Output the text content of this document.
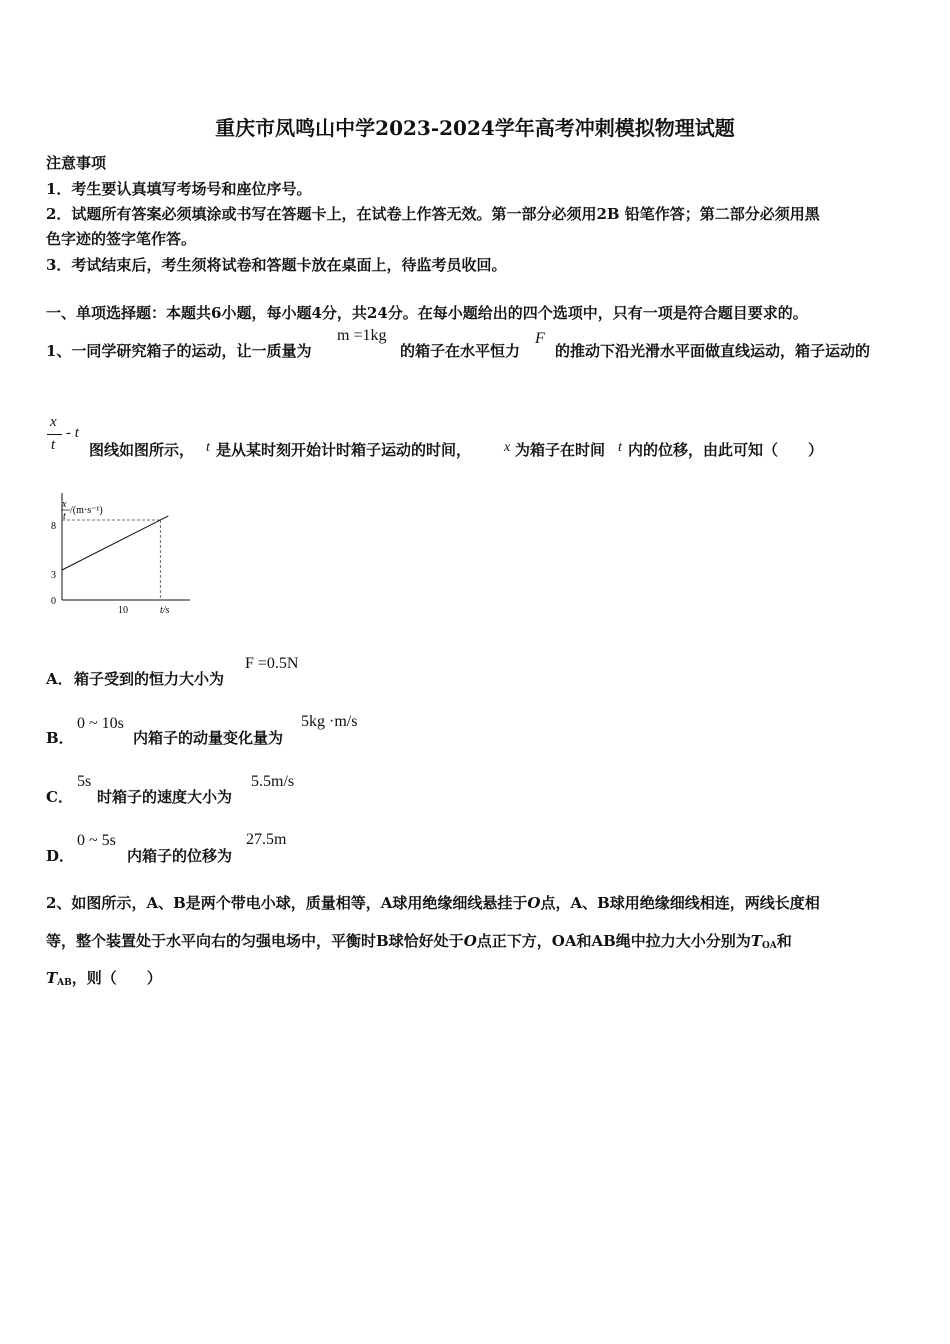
重庆市凤鸣山中学2023-2024学年高考冲刺模拟物理试题
注意事项
1．考生要认真填写考场号和座位序号。
2．试题所有答案必须填涂或书写在答题卡上，在试卷上作答无效。第一部分必须用2B 铅笔作答；第二部分必须用黑
色字迹的签字笔作答。
3．考试结束后，考生须将试卷和答题卡放在桌面上，待监考员收回。
一、单项选择题：本题共6小题，每小题4分，共24分。在每小题给出的四个选项中，只有一项是符合题目要求的。
1、一同学研究箱子的运动，让一质量为
m =1kg
的箱子在水平恒力
F
的推动下沿光滑水平面做直线运动，箱子运动的
x
t
- t
图线如图所示， t 是从某时刻开始计时箱子运动的时间， x 为箱子在时间 t 内的位移，由此可知（　　）
x
t
/(m·s⁻¹)
8
3
0
10	t/s
A． 箱子受到的恒力大小为
F =0.5N
B．
0 ~ 10s
内箱子的动量变化量为
5kg ·m/s
C．
5s
时箱子的速度大小为
5.5m/s
D．
0 ~ 5s
内箱子的位移为
27.5m
2、如图所示，A、B是两个带电小球，质量相等，A球用绝缘细线悬挂于O点，A、B球用绝缘细线相连，两线长度相
等，整个装置处于水平向右的匀强电场中，平衡时B球恰好处于O点正下方，OA和AB绳中拉力大小分别为$T_{OA}$和
$T_{AB}$，则（　　）
